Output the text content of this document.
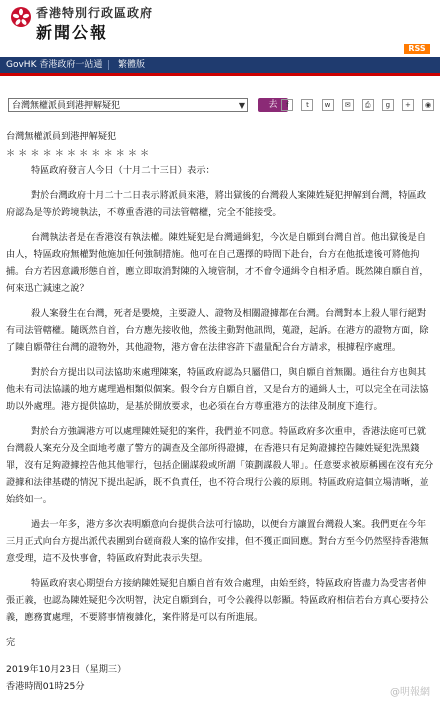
香港特別行政區政府
新聞公報
RSS
GovHK 香港政府一站通 繁體版
台灣無權派員到港押解疑犯	▼	去	f t w ✉ ⎙ g + ◉

台灣無權派員到港押解疑犯

＊＊＊＊＊＊＊＊＊＊＊＊

特區政府發言人今日（十月二十三日）表示：

對於台灣政府十月二十二日表示將派員來港，將出獄後的台灣殺人案陳姓疑犯押解到台灣，特區政府認為是等於跨境執法，不尊重香港的司法管轄權，完全不能接受。

台灣執法者是在香港沒有執法權。陳姓疑犯是台灣通緝犯，今次是自願到台灣自首。他出獄後是自由人，特區政府無權對他施加任何強制措施。他可在自己選擇的時間下赴台，台方在他抵達後可將他拘捕。台方若因意識形態自首，應立即取消對陳的入境管制，才不會令通緝令自相矛盾。既然陳自願自首，何來迅亡減速之說？

殺人案發生在台灣，死者是嬰燒，主要證人、證物及相關證據都在台灣。台灣對本上殺人罪行絕對有司法管轄權。隨既然自首，台方應先接收他，然後主動對他訊問，蒐證，起訴。在港方的證物方面，除了陳自願帶往台灣的證物外，其他證物，港方會在法律容許下盡量配合台方請求，根據程序處理。

對於台方提出以司法協助來處理陳案，特區政府認為只屬借口，與自願自首無關。過往台方也與其他未有司法協議的地方處理過相類似個案。假令台方自願自首，又是台方的通緝人士，可以完全在司法協助以外處理。港方提供協助，是基於開放要求，也必須在台方尊重港方的法律及制度下進行。

對於台方強調港方可以處理陳姓疑犯的案件，我們並不同意。特區政府多次重申，香港法庭可已就台灣殺人案充分及全面地考慮了警方的調查及全部所得證據，在香港只有足夠證據控告陳姓疑犯洗黑錢罪，沒有足夠證據控告他其他罪行，包括企圖謀殺或所謂「策劃謀殺人罪」。任意要求被原稱國在沒有充分證據和法律基礎的情況下提出起訴，既不負責任，也不符合現行公義的原則。特區政府這個立場清晰，並始終如一。

過去一年多，港方多次表明願意向台提供合法可行協助，以便台方讓置台灣殺人案。我們更在今年三月正式向台方提出派代表團到台磋商殺人案的協作安排，但不獲正面回應。對台方至今仍然堅持香港無意受理，這不及快事會，特區政府對此表示失望。

特區政府衷心期望台方接納陳姓疑犯自願自首有效合處理，由始至終，特區政府皆盡力為受害者伸張正義，也認為陳姓疑犯今次明智，決定自願到台，可令公義得以彰顯。特區政府相信若台方真心要持公義，應務實處理，不要將事情複雜化，案件將是可以有所進展。

完

2019年10月23日（星期三）

香港時間01時25分

@明報網
